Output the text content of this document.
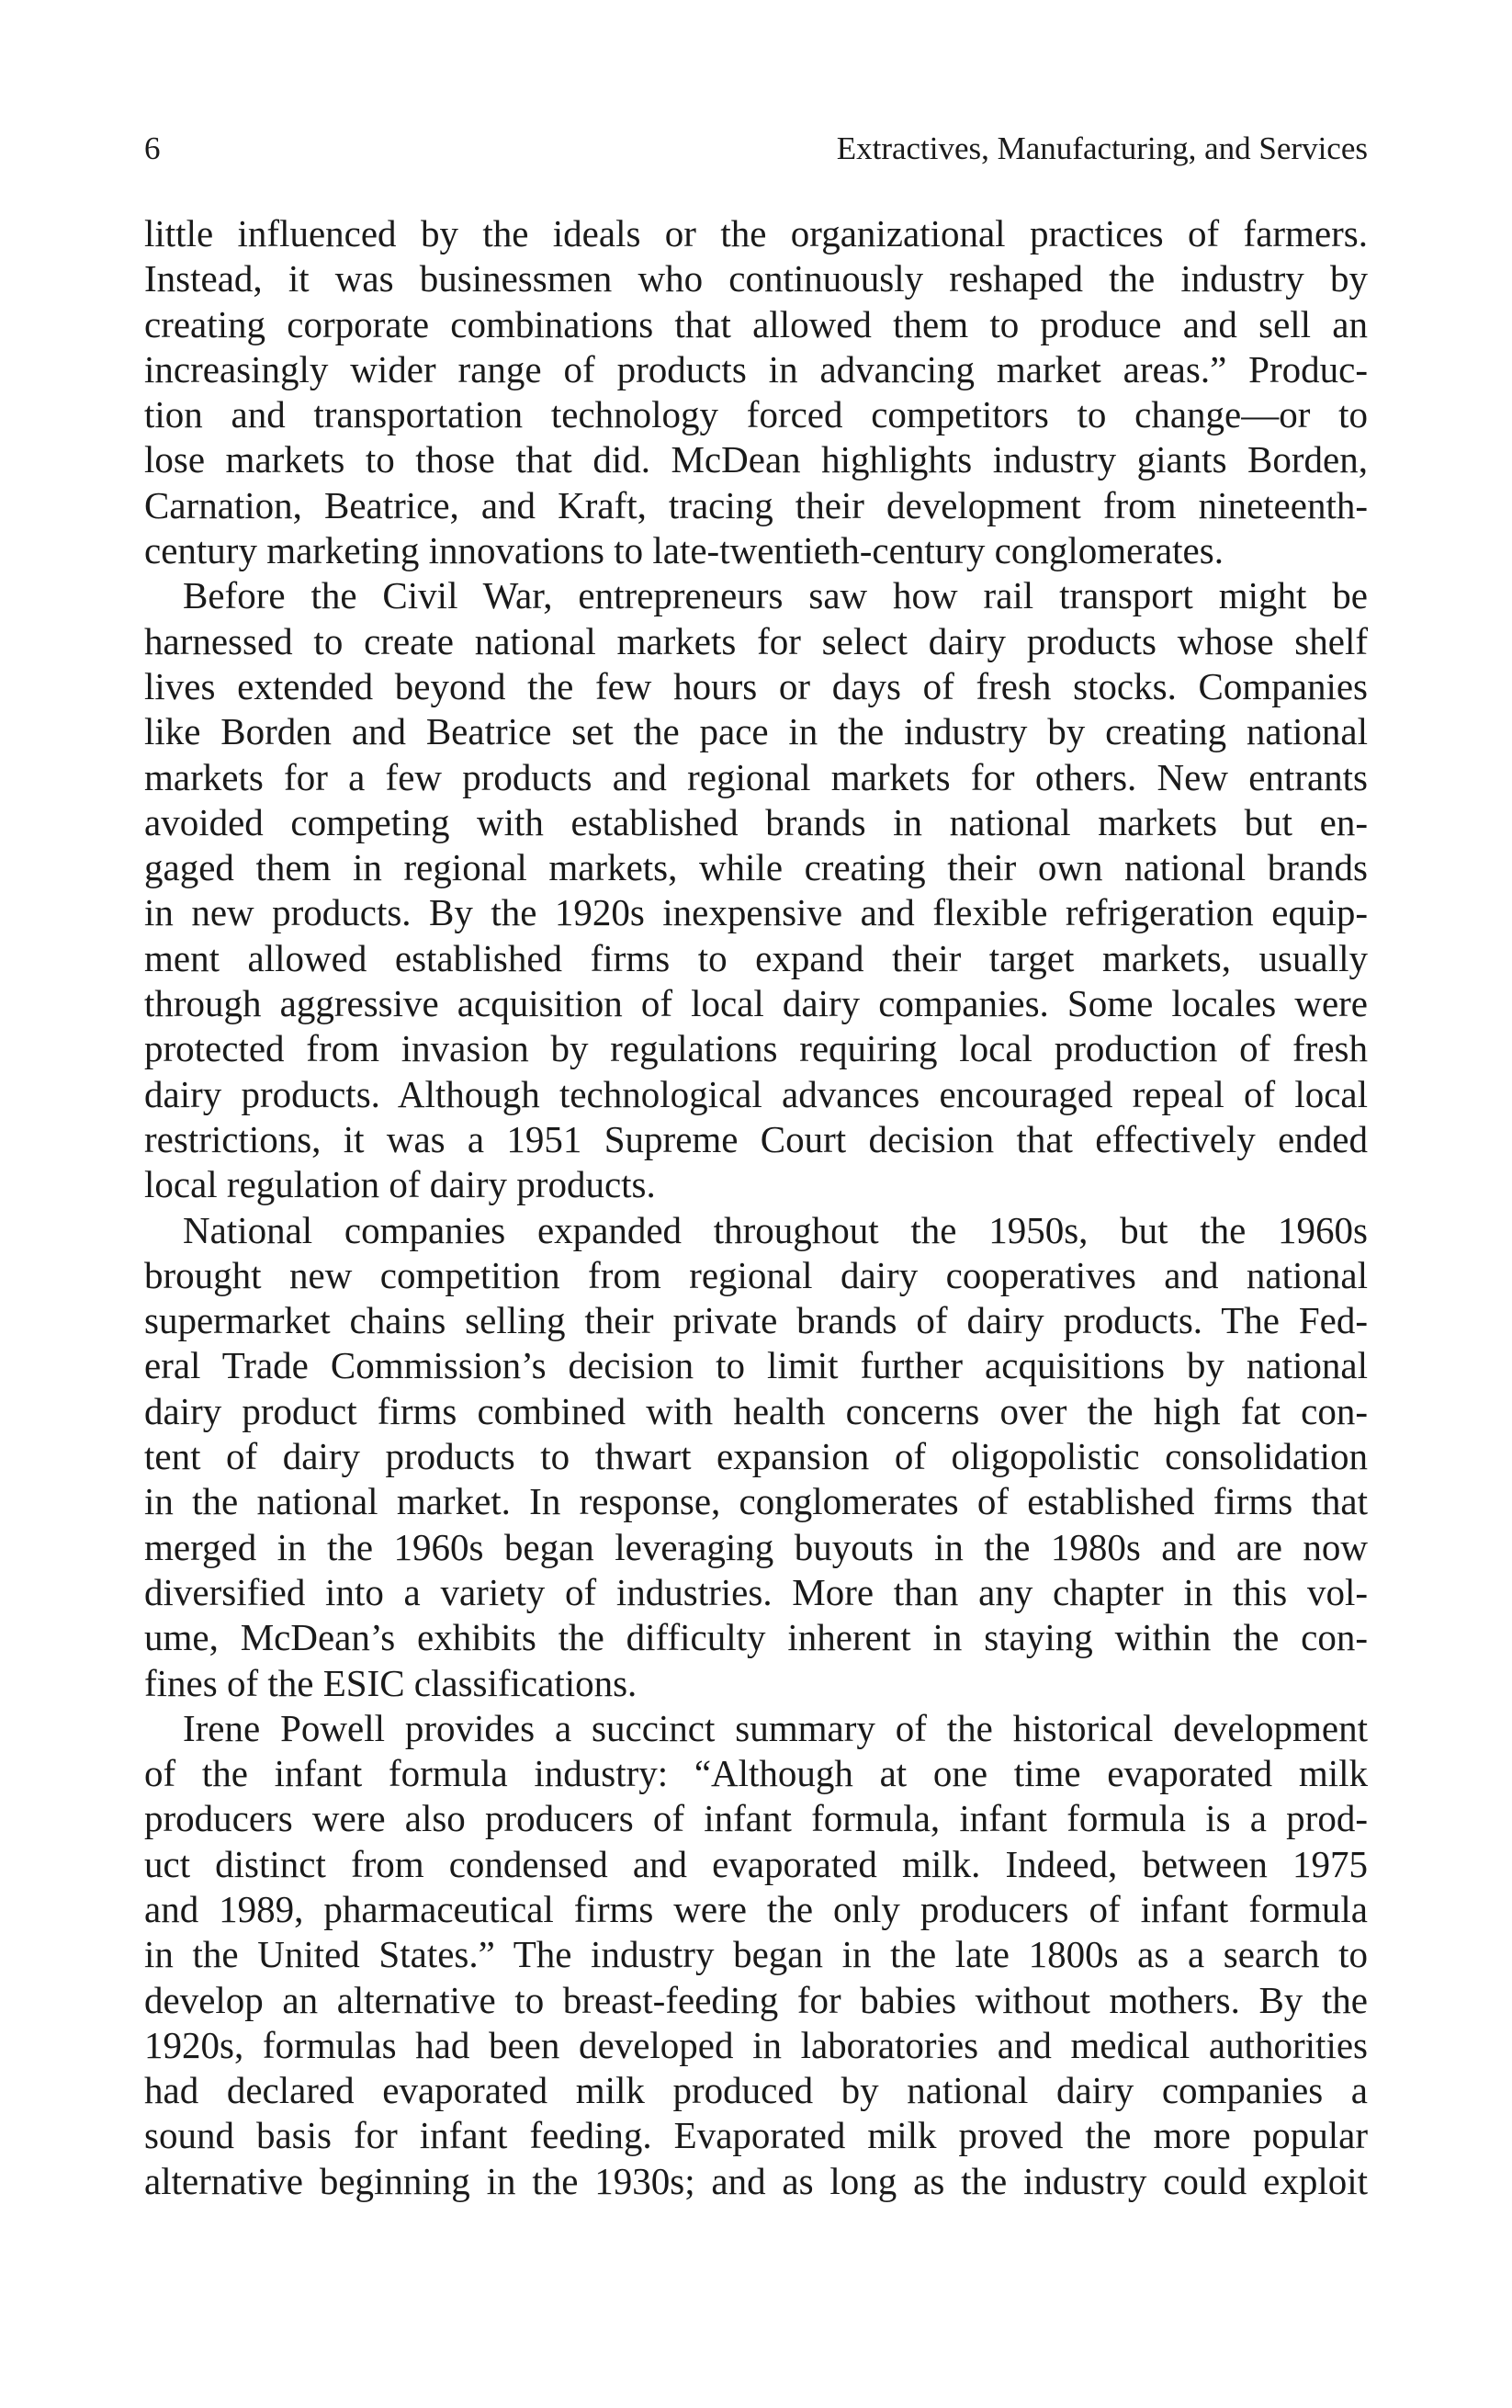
6	Extractives, Manufacturing, and Services
little influenced by the ideals or the organizational practices of farmers.
Instead, it was businessmen who continuously reshaped the industry by
creating corporate combinations that allowed them to produce and sell an
increasingly wider range of products in advancing market areas.” Produc-
tion and transportation technology forced competitors to change—or to
lose markets to those that did. McDean highlights industry giants Borden,
Carnation, Beatrice, and Kraft, tracing their development from nineteenth-
century marketing innovations to late-twentieth-century conglomerates.
Before the Civil War, entrepreneurs saw how rail transport might be
harnessed to create national markets for select dairy products whose shelf
lives extended beyond the few hours or days of fresh stocks. Companies
like Borden and Beatrice set the pace in the industry by creating national
markets for a few products and regional markets for others. New entrants
avoided competing with established brands in national markets but en-
gaged them in regional markets, while creating their own national brands
in new products. By the 1920s inexpensive and flexible refrigeration equip-
ment allowed established firms to expand their target markets, usually
through aggressive acquisition of local dairy companies. Some locales were
protected from invasion by regulations requiring local production of fresh
dairy products. Although technological advances encouraged repeal of local
restrictions, it was a 1951 Supreme Court decision that effectively ended
local regulation of dairy products.
National companies expanded throughout the 1950s, but the 1960s
brought new competition from regional dairy cooperatives and national
supermarket chains selling their private brands of dairy products. The Fed-
eral Trade Commission’s decision to limit further acquisitions by national
dairy product firms combined with health concerns over the high fat con-
tent of dairy products to thwart expansion of oligopolistic consolidation
in the national market. In response, conglomerates of established firms that
merged in the 1960s began leveraging buyouts in the 1980s and are now
diversified into a variety of industries. More than any chapter in this vol-
ume, McDean’s exhibits the difficulty inherent in staying within the con-
fines of the ESIC classifications.
Irene Powell provides a succinct summary of the historical development
of the infant formula industry: “Although at one time evaporated milk
producers were also producers of infant formula, infant formula is a prod-
uct distinct from condensed and evaporated milk. Indeed, between 1975
and 1989, pharmaceutical firms were the only producers of infant formula
in the United States.” The industry began in the late 1800s as a search to
develop an alternative to breast-feeding for babies without mothers. By the
1920s, formulas had been developed in laboratories and medical authorities
had declared evaporated milk produced by national dairy companies a
sound basis for infant feeding. Evaporated milk proved the more popular
alternative beginning in the 1930s; and as long as the industry could exploit
